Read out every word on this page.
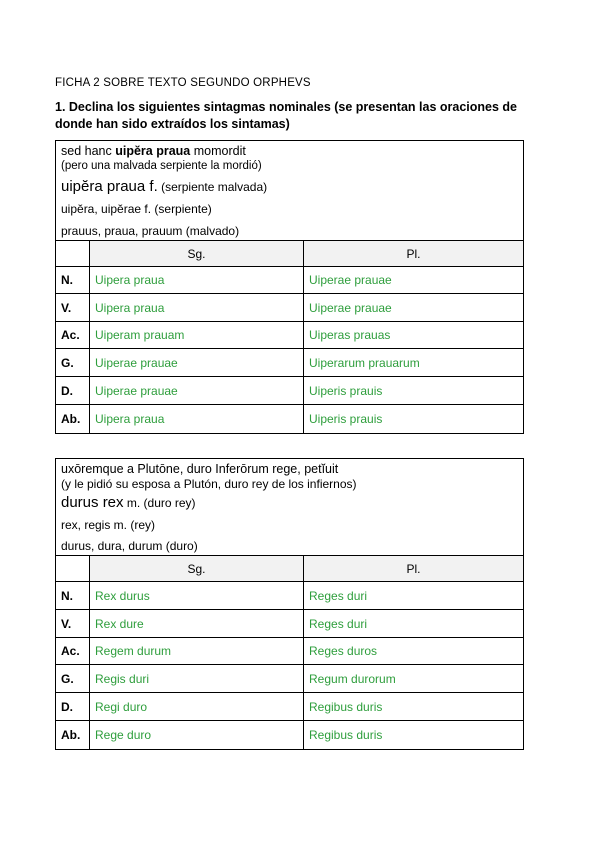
FICHA 2 SOBRE TEXTO SEGUNDO ORPHEVS
1. Declina los siguientes sintagmas nominales (se presentan las oraciones de donde han sido extraídos los sintamas)
sed hanc uipĕra praua momordit
(pero una malvada serpiente la mordió)
uipĕra praua f. (serpiente malvada)
uipĕra, uipĕrae f. (serpiente)
prauus, praua, prauum (malvado)
	Sg.	Pl.
N.	Uipera praua	Uiperae prauae
V.	Uipera praua	Uiperae prauae
Ac.	Uiperam prauam	Uiperas prauas
G.	Uiperae prauae	Uiperarum prauarum
D.	Uiperae prauae	Uiperis prauis
Ab.	Uipera praua	Uiperis prauis
uxōremque a Plutōne, duro Inferōrum rege, petĭuit
(y le pidió su esposa a Plutón, duro rey de los infiernos)
durus rex m. (duro rey)
rex, regis m. (rey)
durus, dura, durum (duro)
	Sg.	Pl.
N.	Rex durus	Reges duri
V.	Rex dure	Reges duri
Ac.	Regem durum	Reges duros
G.	Regis duri	Regum durorum
D.	Regi duro	Regibus duris
Ab.	Rege duro	Regibus duris
